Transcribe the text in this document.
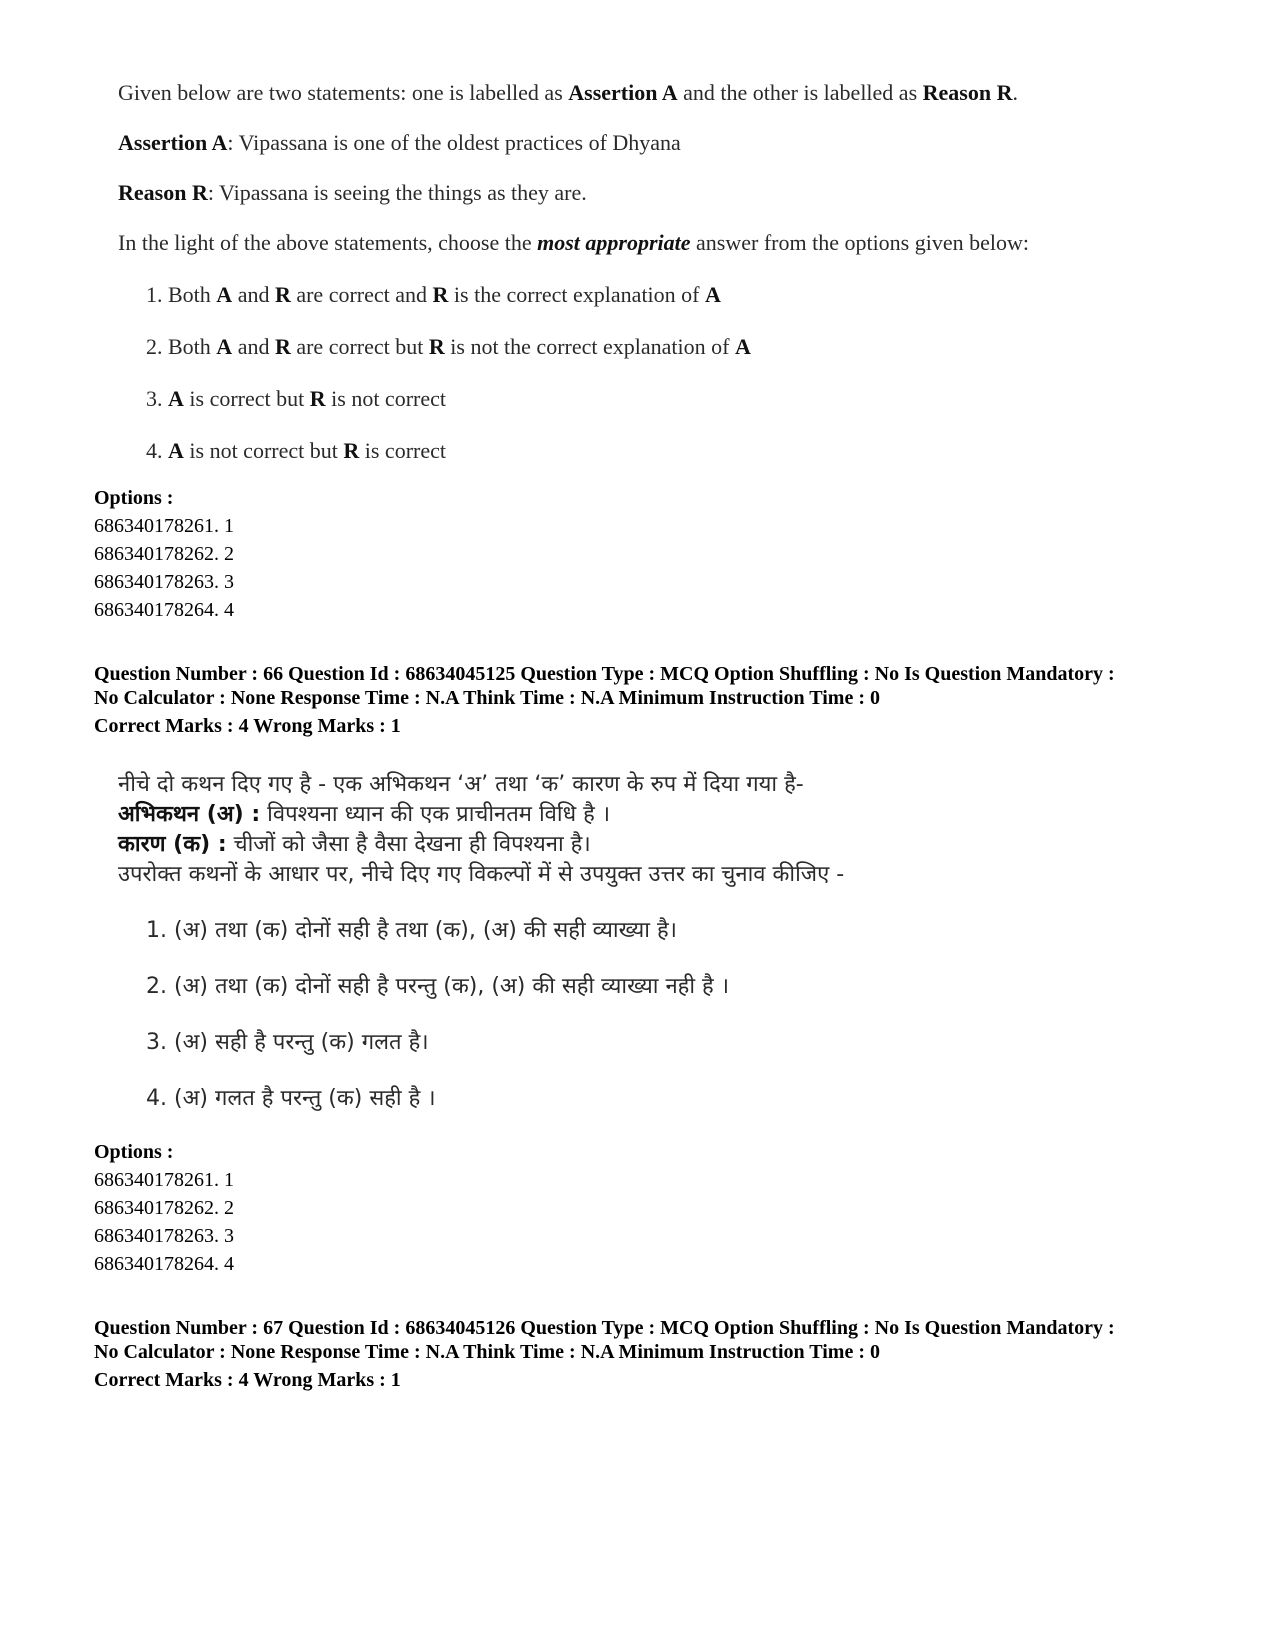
Given below are two statements: one is labelled as Assertion A and the other is labelled as Reason R.

Assertion A: Vipassana is one of the oldest practices of Dhyana

Reason R: Vipassana is seeing the things as they are.

In the light of the above statements, choose the most appropriate answer from the options given below:

1. Both A and R are correct and R is the correct explanation of A

2. Both A and R are correct but R is not the correct explanation of A

3. A is correct but R is not correct

4. A is not correct but R is correct

Options :
686340178261. 1
686340178262. 2
686340178263. 3
686340178264. 4
Question Number : 66 Question Id : 68634045125 Question Type : MCQ Option Shuffling : No Is Question Mandatory :
No Calculator : None Response Time : N.A Think Time : N.A Minimum Instruction Time : 0
Correct Marks : 4 Wrong Marks : 1
नीचे दो कथन दिए गए है - एक अभिकथन ‘अ’ तथा ‘क’ कारण के रुप में दिया गया है-
अभिकथन (अ) : विपश्यना ध्यान की एक प्राचीनतम विधि है ।
कारण (क) : चीजों को जैसा है वैसा देखना ही विपश्यना है।
उपरोक्त कथनों के आधार पर, नीचे दिए गए विकल्पों में से उपयुक्त उत्तर का चुनाव कीजिए -
1. (अ) तथा (क) दोनों सही है तथा (क), (अ) की सही व्याख्या है।
2. (अ) तथा (क) दोनों सही है परन्तु (क), (अ) की सही व्याख्या नही है ।
3. (अ) सही है परन्तु (क) गलत है।
4. (अ) गलत है परन्तु (क) सही है ।
Options :
686340178261. 1
686340178262. 2
686340178263. 3
686340178264. 4
Question Number : 67 Question Id : 68634045126 Question Type : MCQ Option Shuffling : No Is Question Mandatory :
No Calculator : None Response Time : N.A Think Time : N.A Minimum Instruction Time : 0
Correct Marks : 4 Wrong Marks : 1
